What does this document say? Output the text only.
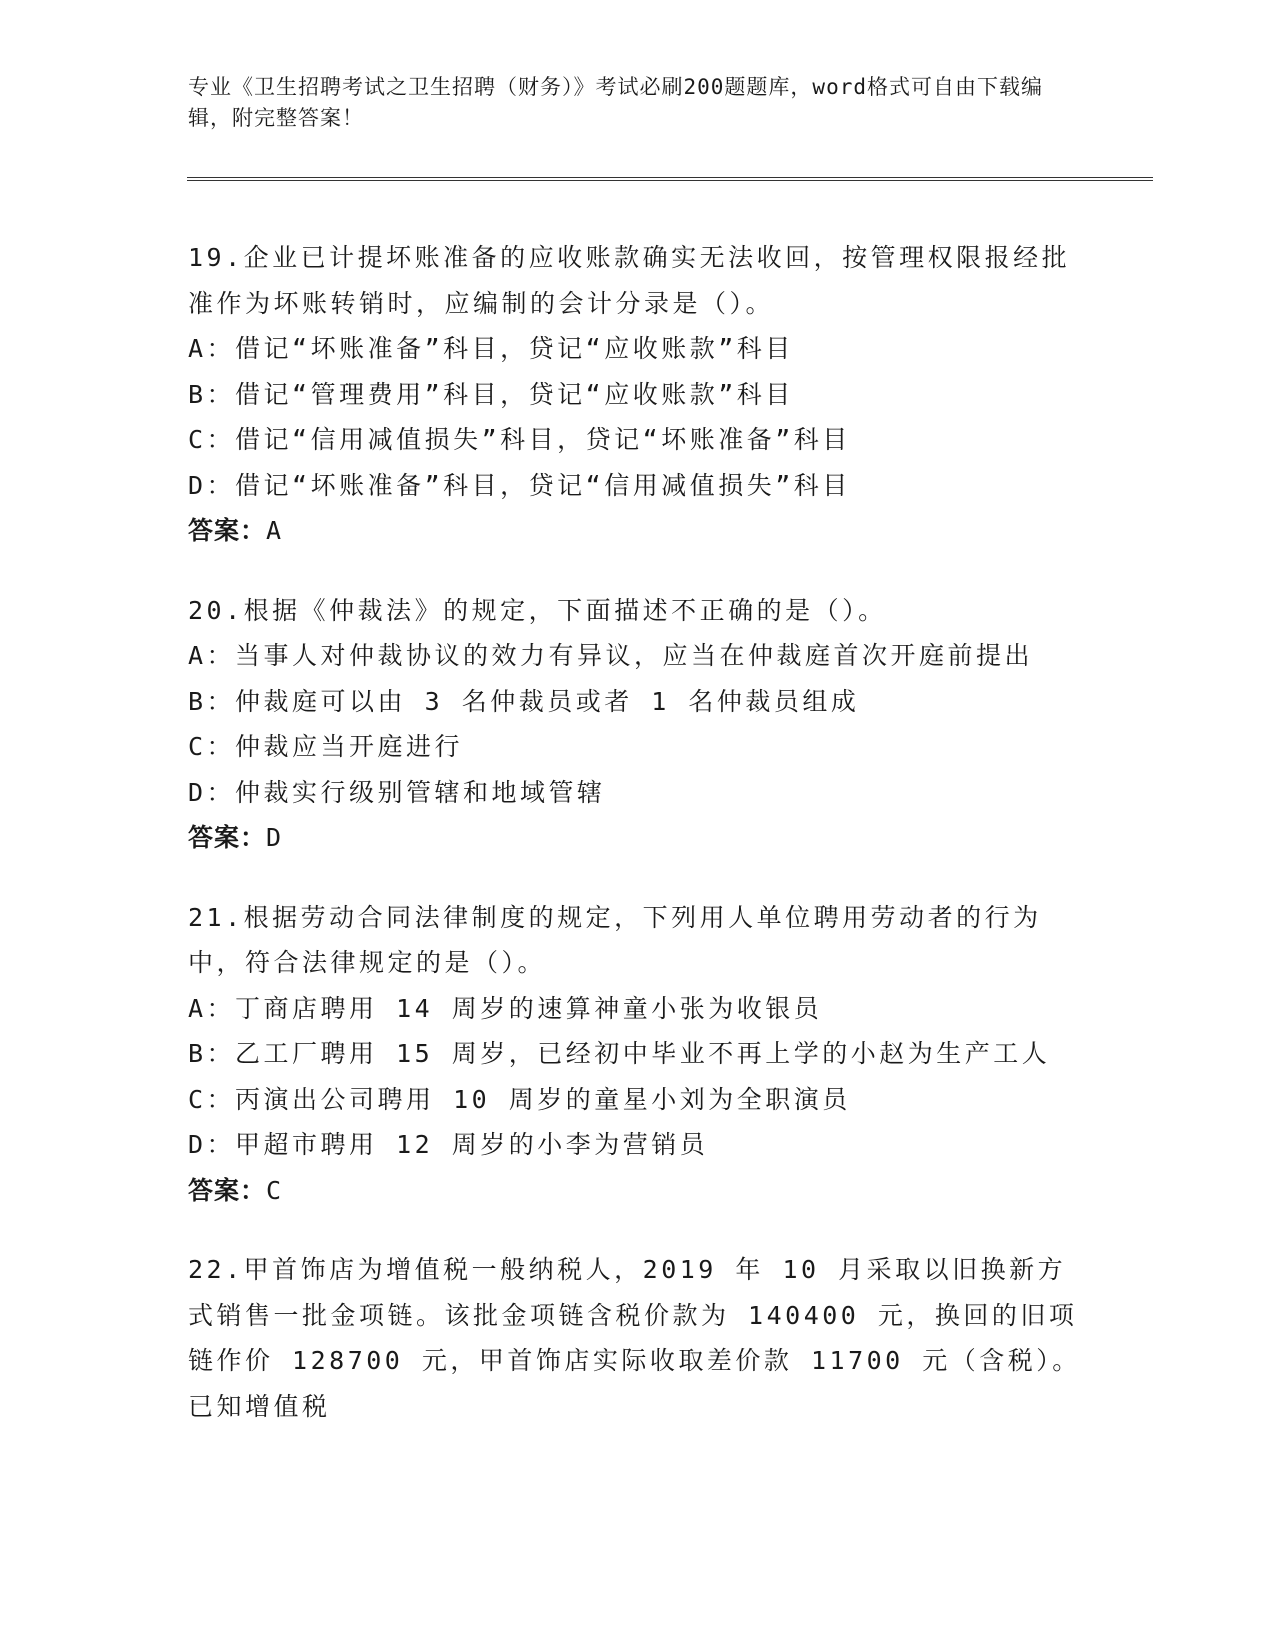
专业《卫生招聘考试之卫生招聘（财务）》考试必刷200题题库，word格式可自由下载编辑，附完整答案！

19.企业已计提坏账准备的应收账款确实无法收回，按管理权限报经批准作为坏账转销时，应编制的会计分录是（）。

A：借记“坏账准备”科目，贷记“应收账款”科目

B：借记“管理费用”科目，贷记“应收账款”科目

C：借记“信用减值损失”科目，贷记“坏账准备”科目

D：借记“坏账准备”科目，贷记“信用减值损失”科目

答案：A

20.根据《仲裁法》的规定，下面描述不正确的是（）。

A：当事人对仲裁协议的效力有异议，应当在仲裁庭首次开庭前提出

B：仲裁庭可以由 3 名仲裁员或者 1 名仲裁员组成

C：仲裁应当开庭进行

D：仲裁实行级别管辖和地域管辖

答案：D

21.根据劳动合同法律制度的规定，下列用人单位聘用劳动者的行为中，符合法律规定的是（）。

A：丁商店聘用 14 周岁的速算神童小张为收银员

B：乙工厂聘用 15 周岁，已经初中毕业不再上学的小赵为生产工人

C：丙演出公司聘用 10 周岁的童星小刘为全职演员

D：甲超市聘用 12 周岁的小李为营销员

答案：C

22.甲首饰店为增值税一般纳税人，2019 年 10 月采取以旧换新方式销售一批金项链。该批金项链含税价款为 140400 元，换回的旧项链作价 128700 元，甲首饰店实际收取差价款 11700 元（含税）。已知增值税
